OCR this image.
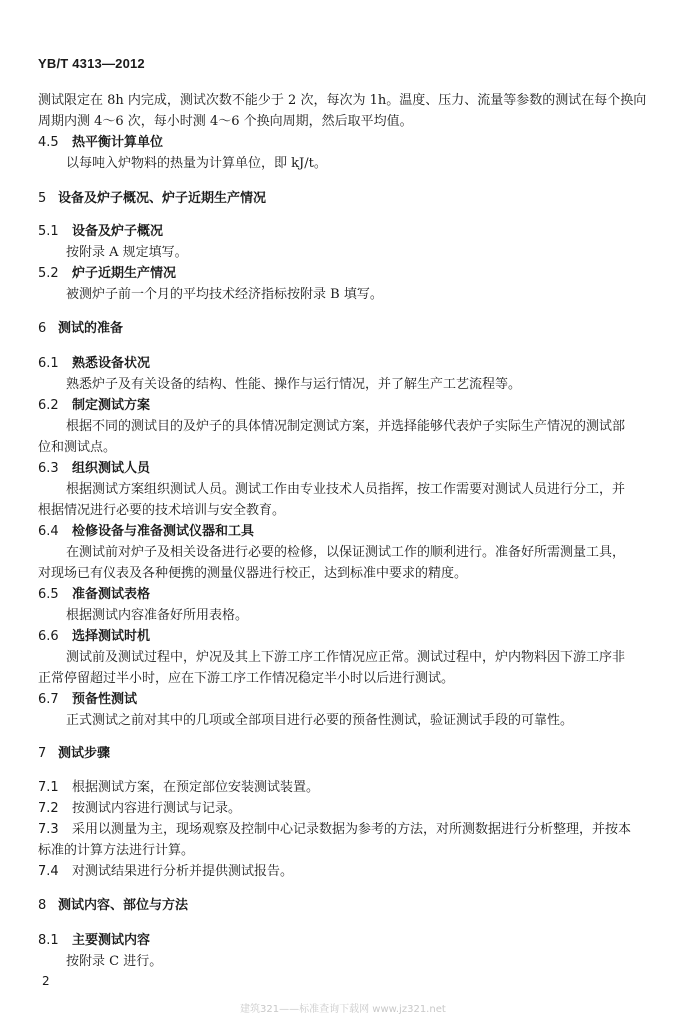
YB/T 4313—2012
测试限定在 8h 内完成，测试次数不能少于 2 次，每次为 1h。温度、压力、流量等参数的测试在每个换向
周期内测 4～6 次，每小时测 4～6 个换向周期，然后取平均值。
4.5 热平衡计算单位
以每吨入炉物料的热量为计算单位，即 kJ/t。
5 设备及炉子概况、炉子近期生产情况
5.1 设备及炉子概况
按附录 A 规定填写。
5.2 炉子近期生产情况
被测炉子前一个月的平均技术经济指标按附录 B 填写。
6 测试的准备
6.1 熟悉设备状况
熟悉炉子及有关设备的结构、性能、操作与运行情况，并了解生产工艺流程等。
6.2 制定测试方案
根据不同的测试目的及炉子的具体情况制定测试方案，并选择能够代表炉子实际生产情况的测试部
位和测试点。
6.3 组织测试人员
根据测试方案组织测试人员。测试工作由专业技术人员指挥，按工作需要对测试人员进行分工，并
根据情况进行必要的技术培训与安全教育。
6.4 检修设备与准备测试仪器和工具
在测试前对炉子及相关设备进行必要的检修，以保证测试工作的顺利进行。准备好所需测量工具，
对现场已有仪表及各种便携的测量仪器进行校正，达到标准中要求的精度。
6.5 准备测试表格
根据测试内容准备好所用表格。
6.6 选择测试时机
测试前及测试过程中，炉况及其上下游工序工作情况应正常。测试过程中，炉内物料因下游工序非
正常停留超过半小时，应在下游工序工作情况稳定半小时以后进行测试。
6.7 预备性测试
正式测试之前对其中的几项或全部项目进行必要的预备性测试，验证测试手段的可靠性。
7 测试步骤
7.1 根据测试方案，在预定部位安装测试装置。
7.2 按测试内容进行测试与记录。
7.3 采用以测量为主，现场观察及控制中心记录数据为参考的方法，对所测数据进行分析整理，并按本
标准的计算方法进行计算。
7.4 对测试结果进行分析并提供测试报告。
8 测试内容、部位与方法
8.1 主要测试内容
按附录 C 进行。
2
建筑321——标准查询下载网 www.jz321.net
